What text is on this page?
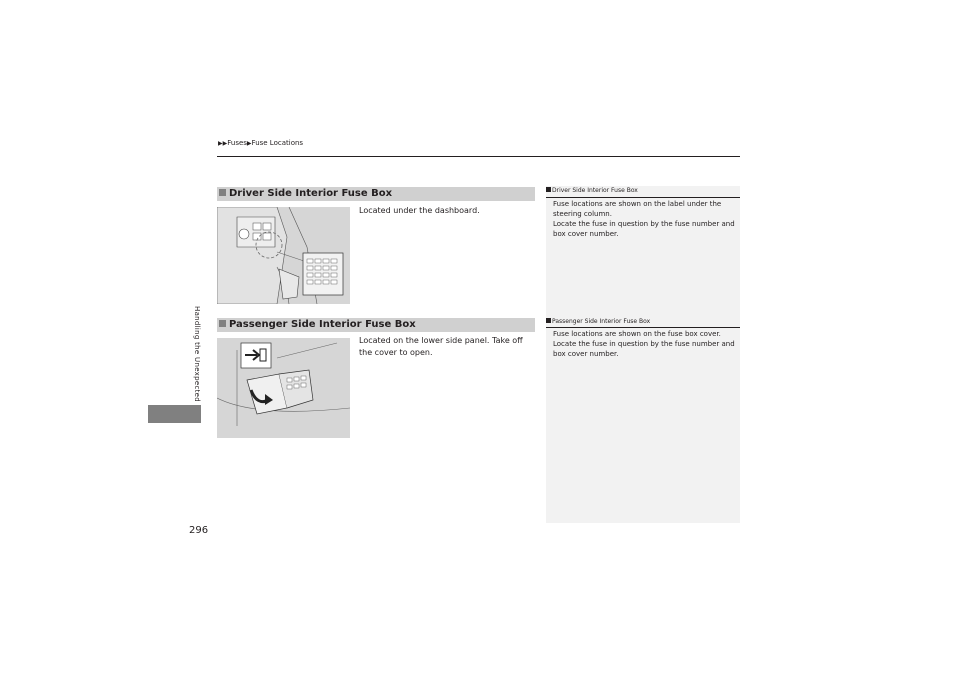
▶▶Fuses▶Fuse Locations
Handling the Unexpected
296
Driver Side Interior Fuse Box
Located under the dashboard.
Passenger Side Interior Fuse Box
Located on the lower side panel. Take off the cover to open.
Driver Side Interior Fuse Box
Fuse locations are shown on the label under the steering column.
Locate the fuse in question by the fuse number and box cover number.
Passenger Side Interior Fuse Box
Fuse locations are shown on the fuse box cover.
Locate the fuse in question by the fuse number and box cover number.
